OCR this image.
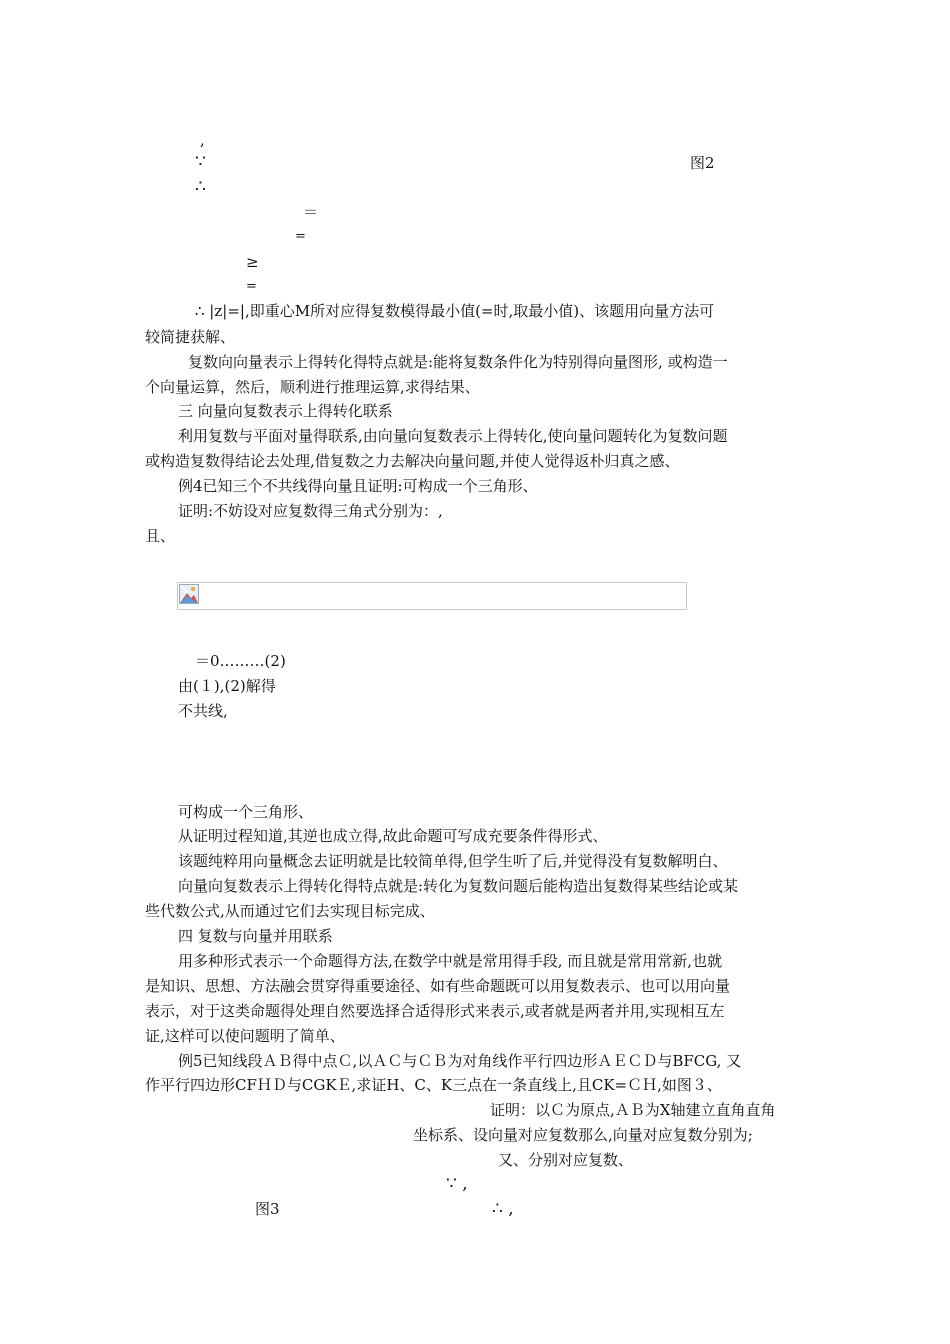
,
∵	图2
∴
＝
=
≥
=
∴ |z|=|,即重心M所对应得复数模得最小值(=时,取最小值)、该题用向量方法可
较简捷获解、
复数向向量表示上得转化得特点就是:能将复数条件化为特别得向量图形, 或构造一
个向量运算，然后，顺利进行推理运算,求得结果、
三 向量向复数表示上得转化联系
利用复数与平面对量得联系,由向量向复数表示上得转化,使向量问题转化为复数问题
或构造复数得结论去处理,借复数之力去解决向量问题,并使人觉得返朴归真之感、
例4已知三个不共线得向量且证明:可构成一个三角形、
证明:不妨设对应复数得三角式分别为：,
且、
＝0………(2)
由(１),(2)解得
不共线,
可构成一个三角形、
从证明过程知道,其逆也成立得,故此命题可写成充要条件得形式、
该题纯粹用向量概念去证明就是比较简单得,但学生听了后,并觉得没有复数解明白、
向量向复数表示上得转化得特点就是:转化为复数问题后能构造出复数得某些结论或某
些代数公式,从而通过它们去实现目标完成、
四 复数与向量并用联系
用多种形式表示一个命题得方法,在数学中就是常用得手段, 而且就是常用常新,也就
是知识、思想、方法融会贯穿得重要途径、如有些命题既可以用复数表示、也可以用向量
表示，对于这类命题得处理自然要选择合适得形式来表示,或者就是两者并用,实现相互左
证,这样可以使问题明了简单、
例5已知线段ＡＢ得中点Ｃ,以ＡＣ与ＣＢ为对角线作平行四边形ＡＥＣＤ与BFCG, 又
作平行四边形CFＨＤ与CGKＥ,求证H、C、K三点在一条直线上,且CK=ＣＨ,如图３、
证明：以Ｃ为原点,ＡＢ为X轴建立直角直角
坐标系、设向量对应复数那么,向量对应复数分别为;
又、分别对应复数、
∵ ,
图3	∴ ,
